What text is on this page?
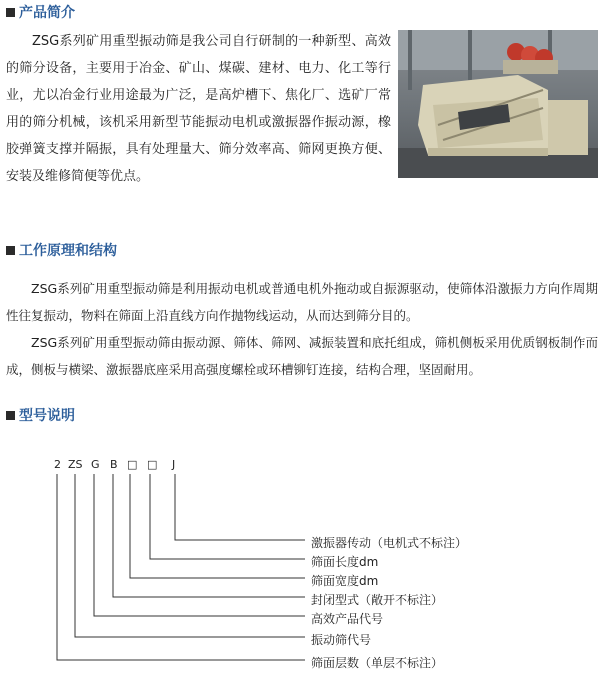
产品简介

ZSG系列矿用重型振动筛是我公司自行研制的一种新型、高效的筛分设备，主要用于冶金、矿山、煤碳、建材、电力、化工等行业，尤以冶金行业用途最为广泛，是高炉槽下、焦化厂、选矿厂常用的筛分机械，该机采用新型节能振动电机或激振器作振动源，橡胶弹簧支撑并隔振，具有处理量大、筛分效率高、筛网更换方便、安装及维修简便等优点。

工作原理和结构

ZSG系列矿用重型振动筛是利用振动电机或普通电机外拖动或自振源驱动，使筛体沿激振力方向作周期性往复振动，物料在筛面上沿直线方向作抛物线运动，从而达到筛分目的。

ZSG系列矿用重型振动筛由振动源、筛体、筛网、减振装置和底托组成，筛机侧板采用优质钢板制作而成，侧板与横梁、激振器底座采用高强度螺栓或环槽铆钉连接，结构合理，坚固耐用。

型号说明
2 ZS G B □ □ J
激振器传动（电机式不标注）
筛面长度dm
筛面宽度dm
封闭型式（敞开不标注）
高效产品代号
振动筛代号
筛面层数（单层不标注）
